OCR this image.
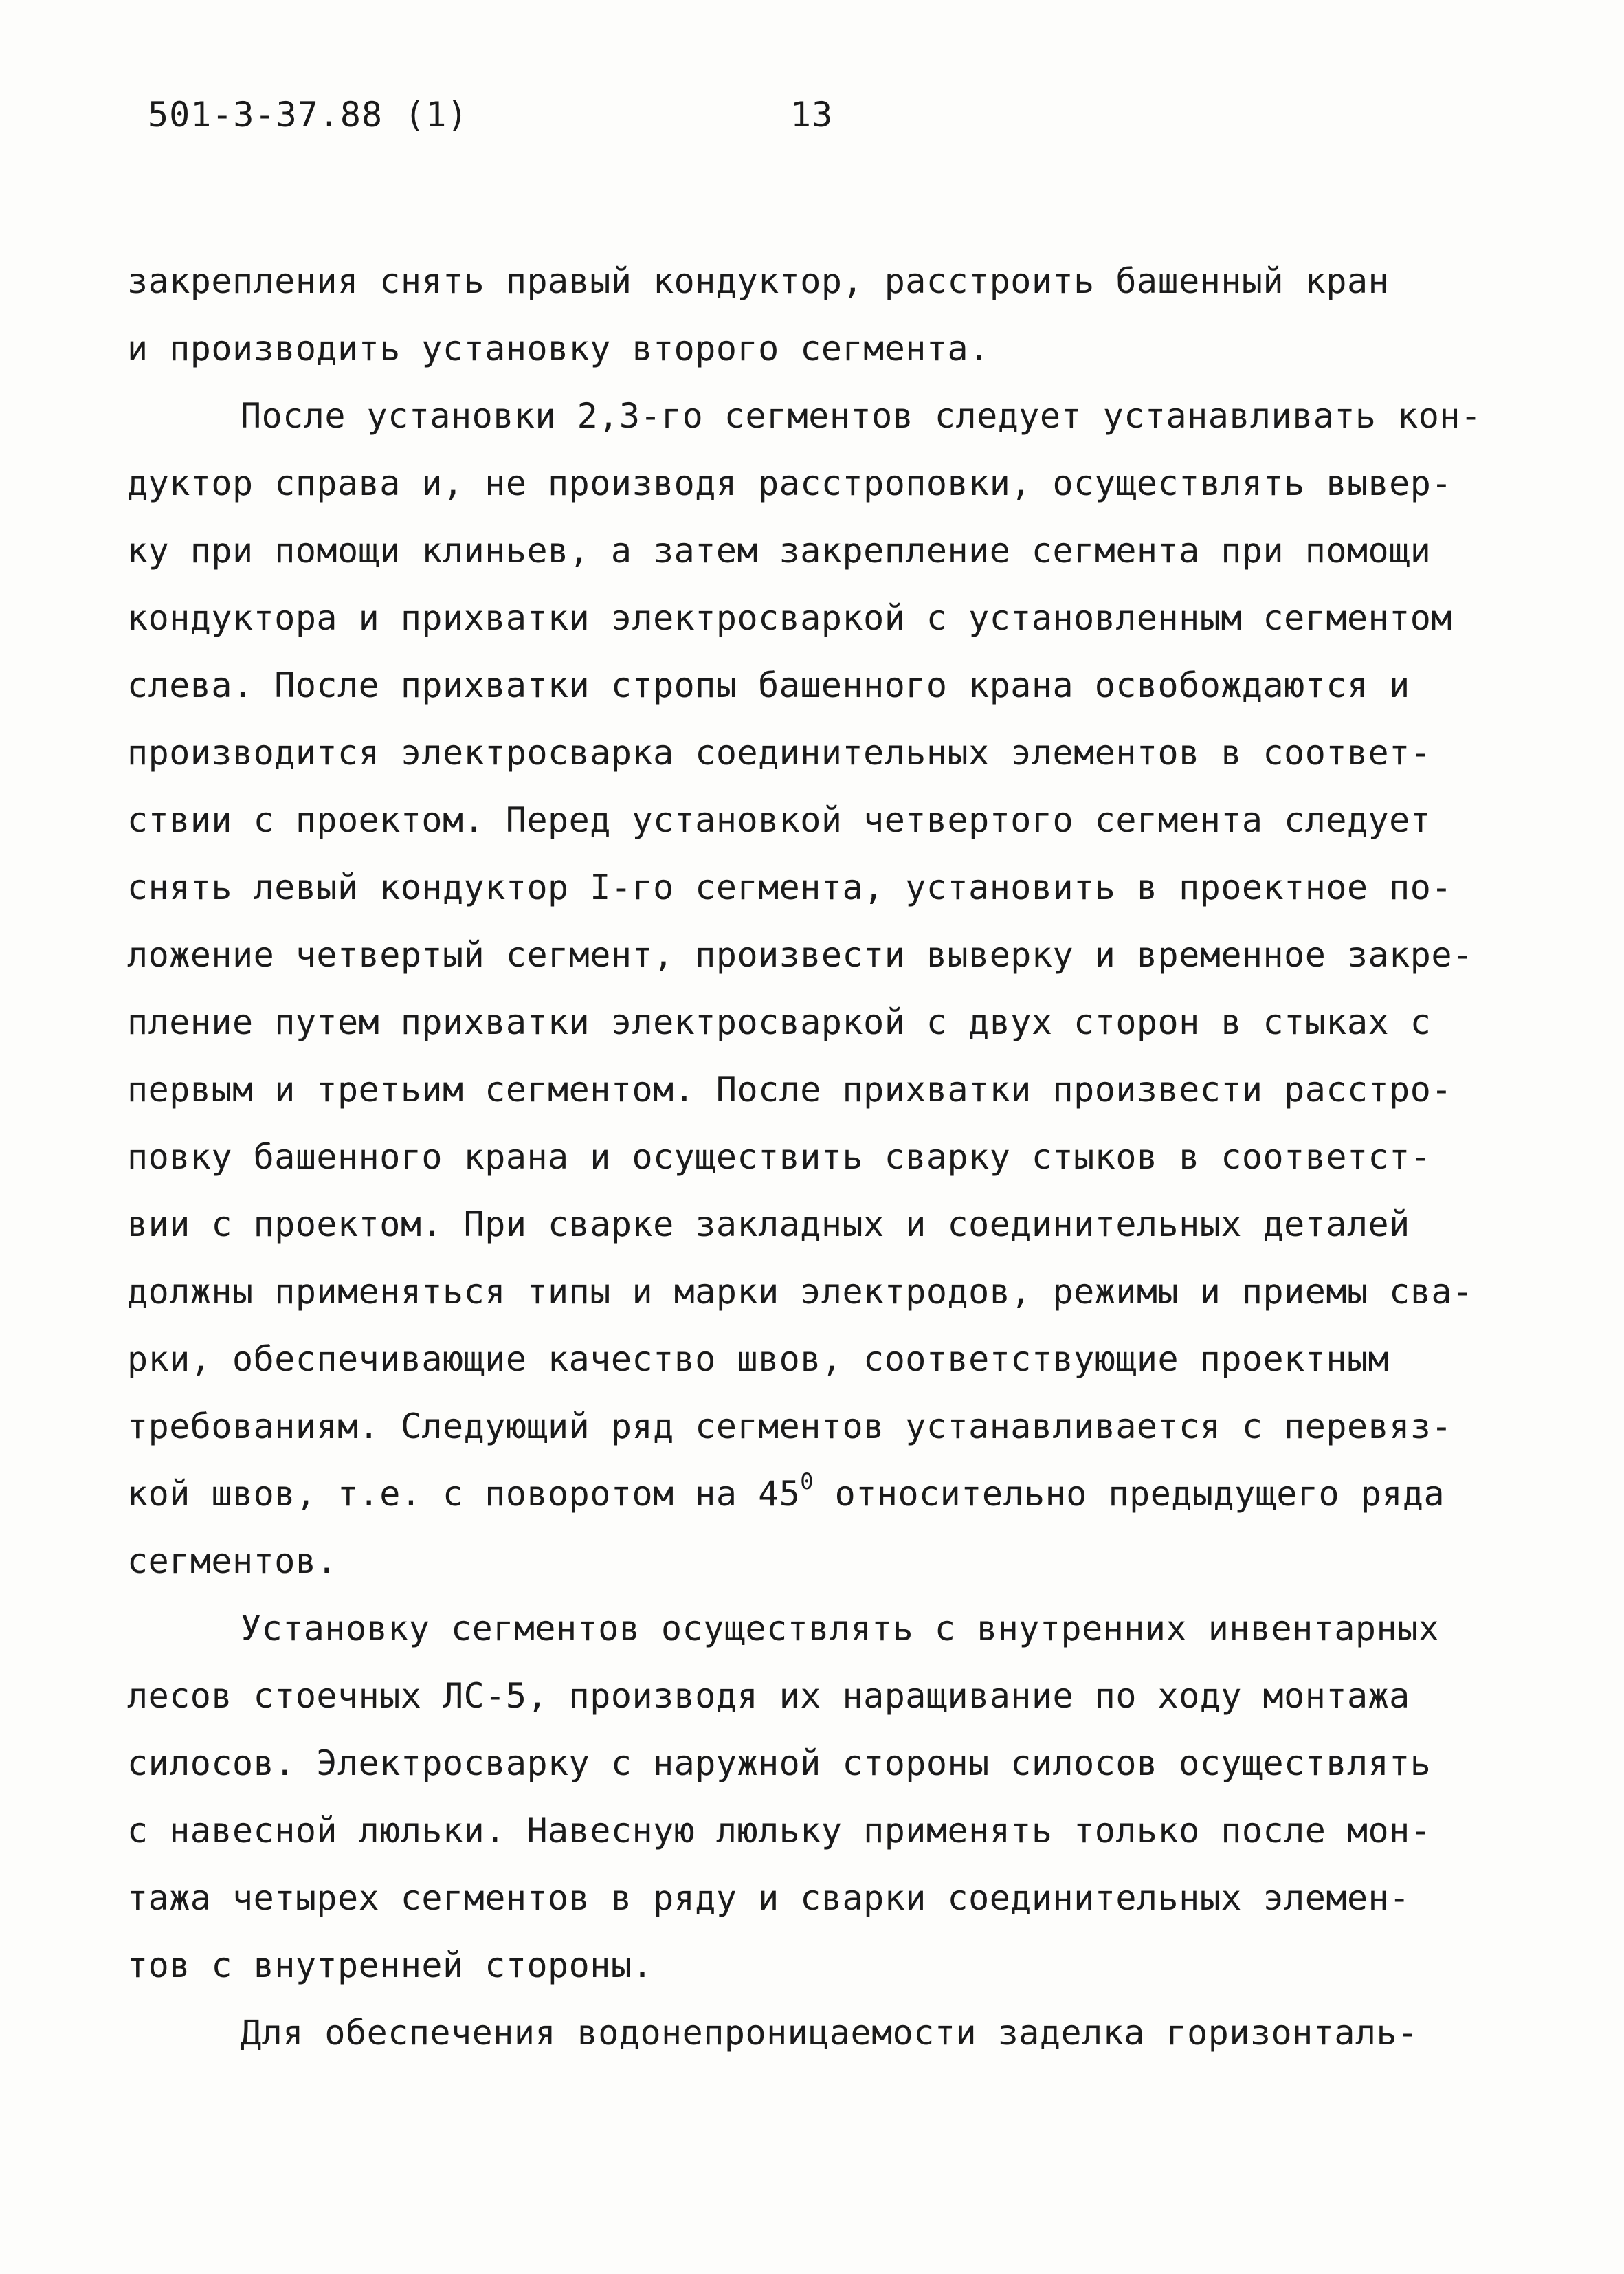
501-3-37.88 (1)	13
закрепления снять правый кондуктор, расстроить башенный кран
и производить установку второго сегмента.
После установки 2,3-го сегментов следует устанавливать кон-
дуктор справа и, не производя расстроповки, осуществлять вывер-
ку при помощи клиньев, а затем закрепление сегмента при помощи
кондуктора и прихватки электросваркой с установленным сегментом
слева. После прихватки стропы башенного крана освобождаются и
производится электросварка соединительных элементов в соответ-
ствии с проектом. Перед установкой четвертого сегмента следует
снять левый кондуктор I-го сегмента, установить в проектное по-
ложение четвертый сегмент, произвести выверку и временное закре-
пление путем прихватки электросваркой с двух сторон в стыках с
первым и третьим сегментом. После прихватки произвести расстро-
повку башенного крана и осуществить сварку стыков в соответст-
вии с проектом. При сварке закладных и соединительных деталей
должны применяться типы и марки электродов, режимы и приемы сва-
рки, обеспечивающие качество швов, соответствующие проектным
требованиям. Следующий ряд сегментов устанавливается с перевяз-
кой швов, т.е. с поворотом на $45^0$ относительно предыдущего ряда
сегментов.
Установку сегментов осуществлять с внутренних инвентарных
лесов стоечных ЛС-5, производя их наращивание по ходу монтажа
силосов. Электросварку с наружной стороны силосов осуществлять
с навесной люльки. Навесную люльку применять только после мон-
тажа четырех сегментов в ряду и сварки соединительных элемен-
тов с внутренней стороны.
Для обеспечения водонепроницаемости заделка горизонталь-
